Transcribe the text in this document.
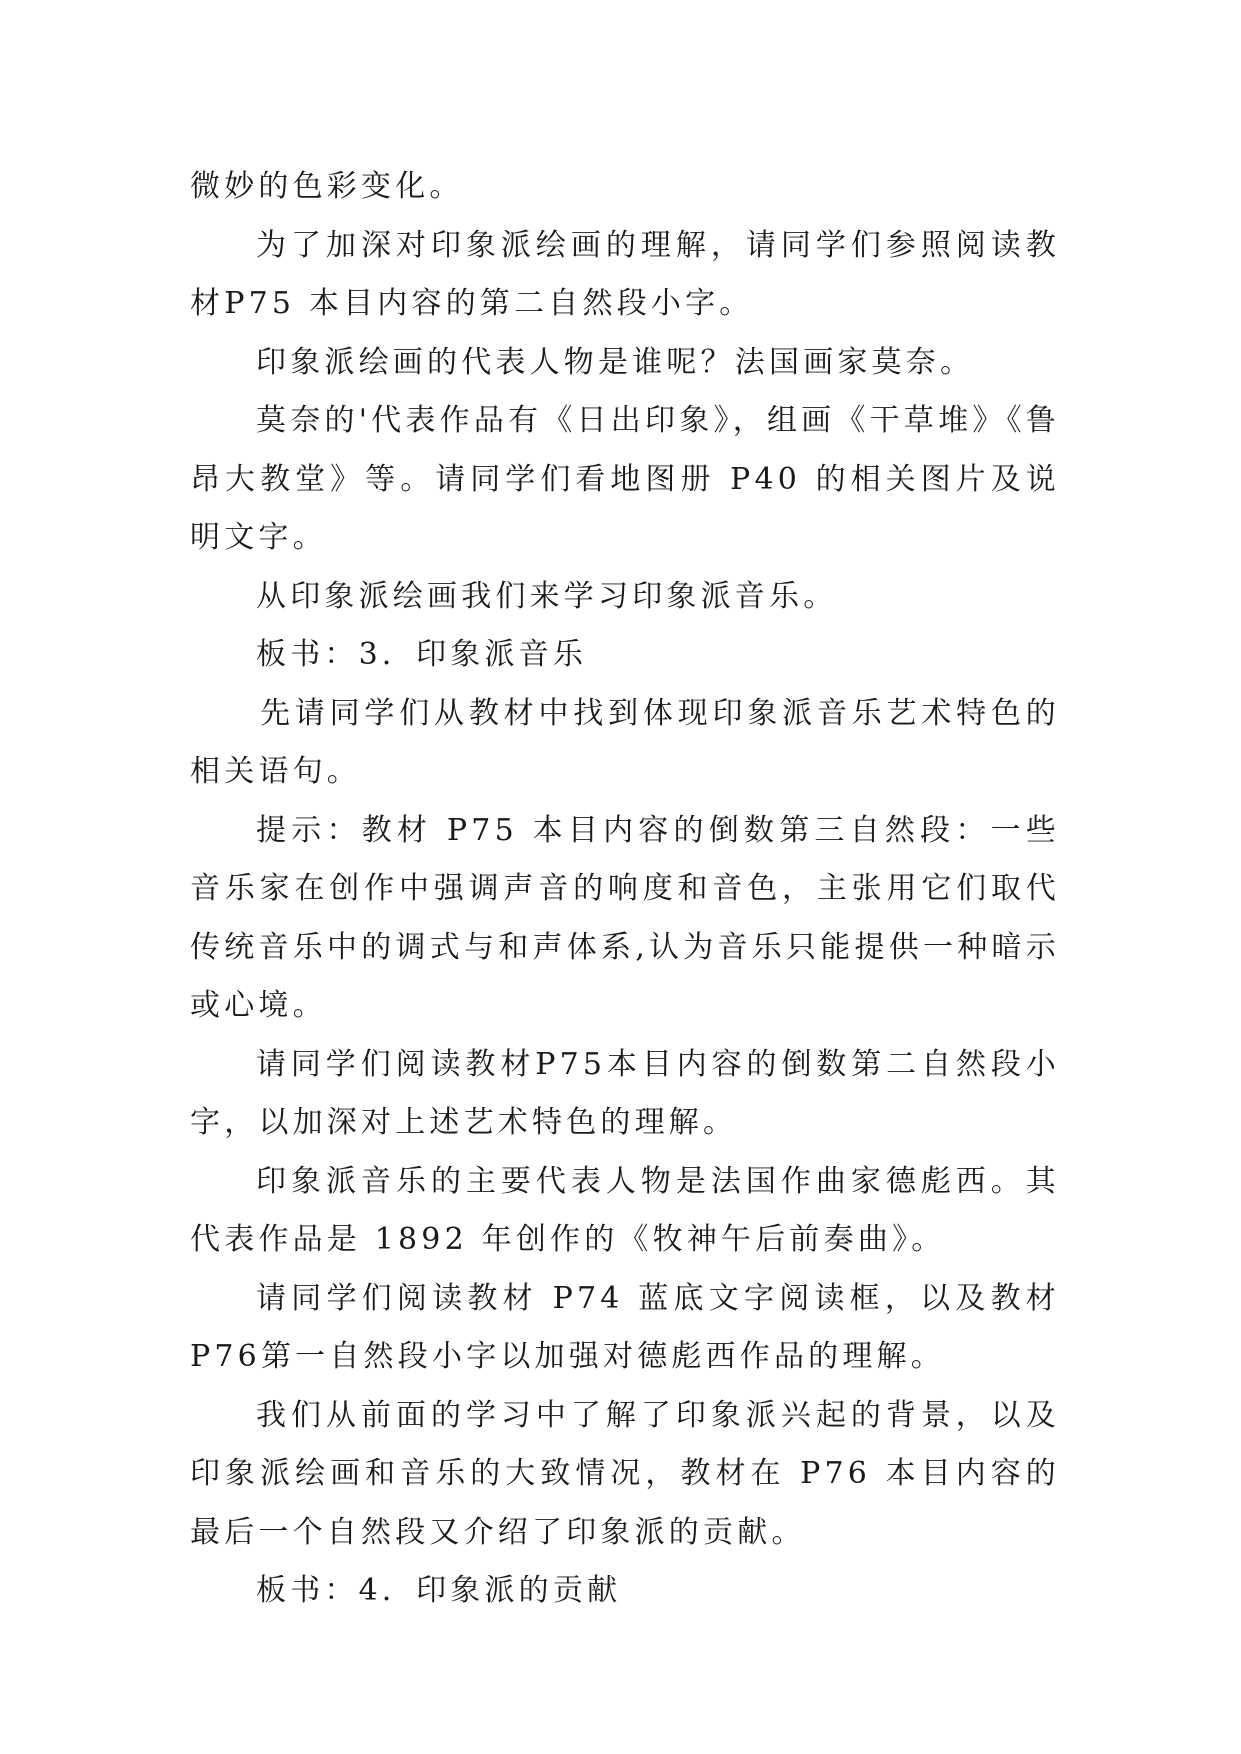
微妙的色彩变化。

为了加深对印象派绘画的理解，请同学们参照阅读教材P75 本目内容的第二自然段小字。

印象派绘画的代表人物是谁呢？法国画家莫奈。

莫奈的'代表作品有《日出印象》，组画《干草堆》《鲁昂大教堂》等。请同学们看地图册 P40 的相关图片及说明文字。

从印象派绘画我们来学习印象派音乐。

板书：3．印象派音乐

先请同学们从教材中找到体现印象派音乐艺术特色的相关语句。

提示：教材 P75 本目内容的倒数第三自然段：一些音乐家在创作中强调声音的响度和音色，主张用它们取代传统音乐中的调式与和声体系,认为音乐只能提供一种暗示或心境。

请同学们阅读教材P75本目内容的倒数第二自然段小字，以加深对上述艺术特色的理解。

印象派音乐的主要代表人物是法国作曲家德彪西。其代表作品是 1892 年创作的《牧神午后前奏曲》。

请同学们阅读教材 P74 蓝底文字阅读框，以及教材 P76第一自然段小字以加强对德彪西作品的理解。

我们从前面的学习中了解了印象派兴起的背景，以及印象派绘画和音乐的大致情况，教材在 P76 本目内容的最后一个自然段又介绍了印象派的贡献。

板书：4．印象派的贡献
